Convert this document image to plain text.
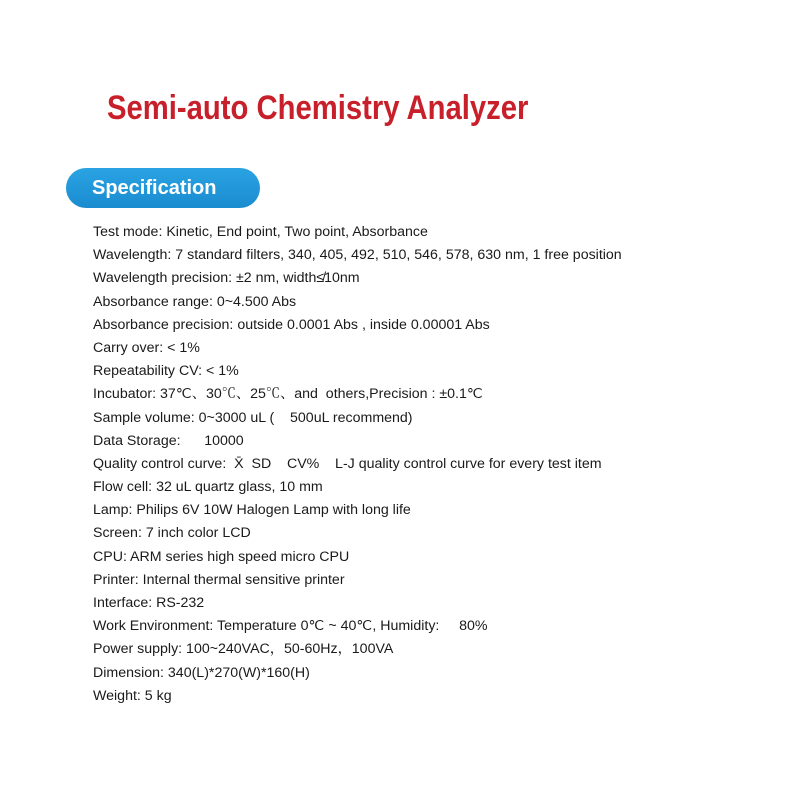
Semi-auto Chemistry Analyzer
Specification
Test mode: Kinetic, End point, Two point, Absorbance
Wavelength: 7 standard filters, 340, 405, 492, 510, 546, 578, 630 nm, 1 free position
Wavelength precision: ±2 nm, width≰​10nm
Absorbance range: 0~4.500 Abs
Absorbance precision: outside 0.0001 Abs , inside 0.00001 Abs
Carry over: < 1%
Repeatability CV: < 1%
Incubator: 37℃、30℃、25℃、and  others,Precision : ±0.1℃
Sample volume: 0~3000 uL (    500uL recommend)
Data Storage:      10000
Quality control curve:  X̄  SD    CV%    L-J quality control curve for every test item
Flow cell: 32 uL quartz glass, 10 mm
Lamp: Philips 6V 10W Halogen Lamp with long life
Screen: 7 inch color LCD
CPU: ARM series high speed micro CPU
Printer: Internal thermal sensitive printer
Interface: RS-232
Work Environment: Temperature 0℃ ~ 40℃, Humidity:     80%
Power supply: 100~240VAC，50-60Hz，100VA
Dimension: 340(L)*270(W)*160(H)
Weight: 5 kg
